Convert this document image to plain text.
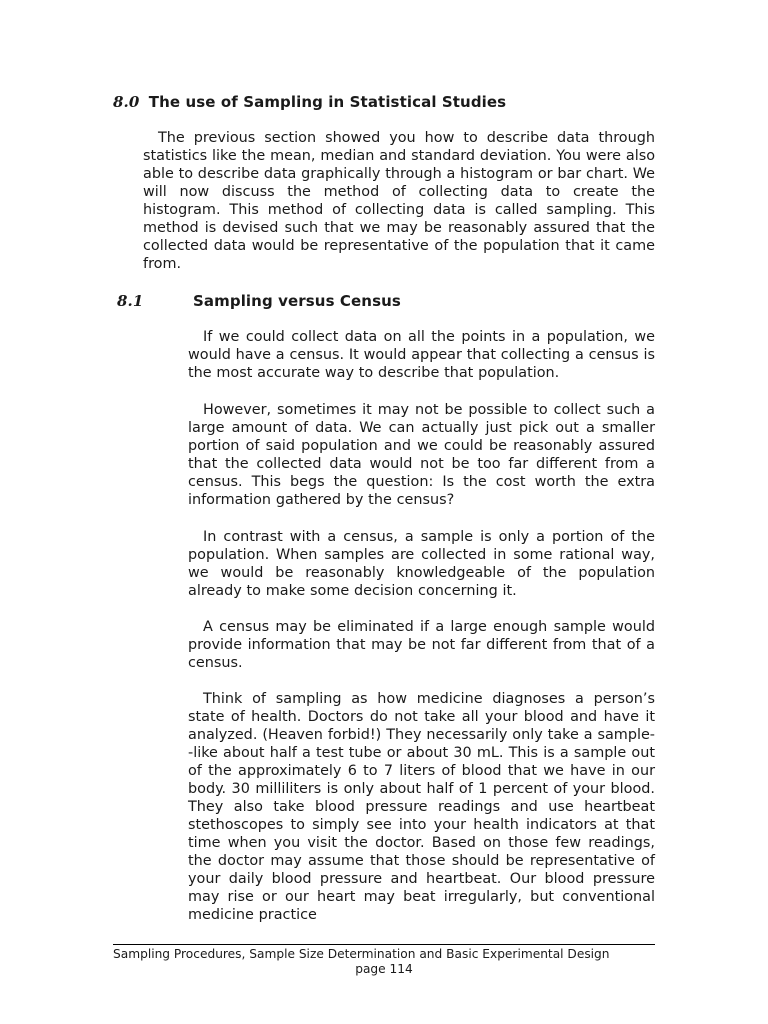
8.0 The use of Sampling in Statistical Studies

The previous section showed you how to describe data through statistics like the mean, median and standard deviation. You were also able to describe data graphically through a histogram or bar chart. We will now discuss the method of collecting data to create the histogram. This method of collecting data is called sampling. This method is devised such that we may be reasonably assured that the collected data would be representative of the population that it came from.

8.1	Sampling versus Census

If we could collect data on all the points in a population, we would have a census. It would appear that collecting a census is the most accurate way to describe that population.

However, sometimes it may not be possible to collect such a large amount of data. We can actually just pick out a smaller portion of said population and we could be reasonably assured that the collected data would not be too far different from a census. This begs the question: Is the cost worth the extra information gathered by the census?

In contrast with a census, a sample is only a portion of the population. When samples are collected in some rational way, we would be reasonably knowledgeable of the population already to make some decision concerning it.

A census may be eliminated if a large enough sample would provide information that may be not far different from that of a census.

Think of sampling as how medicine diagnoses a person’s state of health. Doctors do not take all your blood and have it analyzed. (Heaven forbid!) They necessarily only take a sample--like about half a test tube or about 30 mL. This is a sample out of the approximately 6 to 7 liters of blood that we have in our body. 30 milliliters is only about half of 1 percent of your blood. They also take blood pressure readings and use heartbeat stethoscopes to simply see into your health indicators at that time when you visit the doctor. Based on those few readings, the doctor may assume that those should be representative of your daily blood pressure and heartbeat. Our blood pressure may rise or our heart may beat irregularly, but conventional medicine practice

Sampling Procedures, Sample Size Determination and Basic Experimental Design
page 114
